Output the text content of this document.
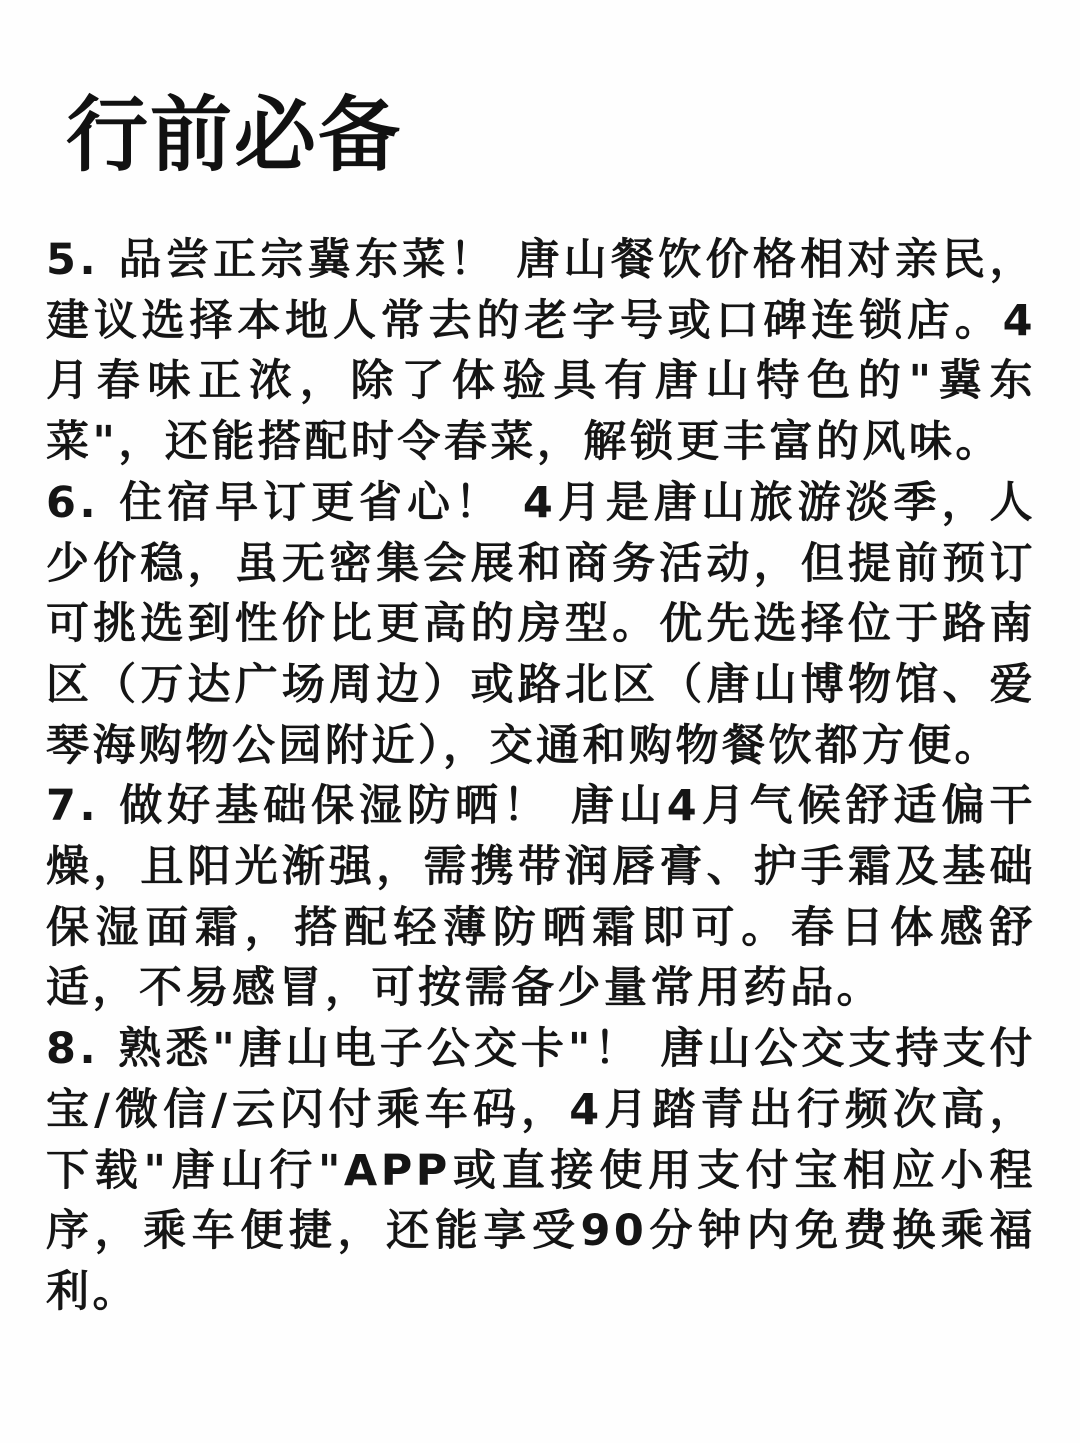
行前必备

5. 品尝正宗冀东菜！ 唐山餐饮价格相对亲民，建议选择本地人常去的老字号或口碑连锁店。4月春味正浓，除了体验具有唐山特色的"冀东菜"，还能搭配时令春菜，解锁更丰富的风味。

6. 住宿早订更省心！ 4月是唐山旅游淡季，人少价稳，虽无密集会展和商务活动，但提前预订可挑选到性价比更高的房型。优先选择位于路南区（万达广场周边）或路北区（唐山博物馆、爱琴海购物公园附近），交通和购物餐饮都方便。

7. 做好基础保湿防晒！ 唐山4月气候舒适偏干燥，且阳光渐强，需携带润唇膏、护手霜及基础保湿面霜，搭配轻薄防晒霜即可。春日体感舒适，不易感冒，可按需备少量常用药品。

8. 熟悉"唐山电子公交卡"！ 唐山公交支持支付宝/微信/云闪付乘车码，4月踏青出行频次高，下载"唐山行"APP或直接使用支付宝相应小程序，乘车便捷，还能享受90分钟内免费换乘福利。
